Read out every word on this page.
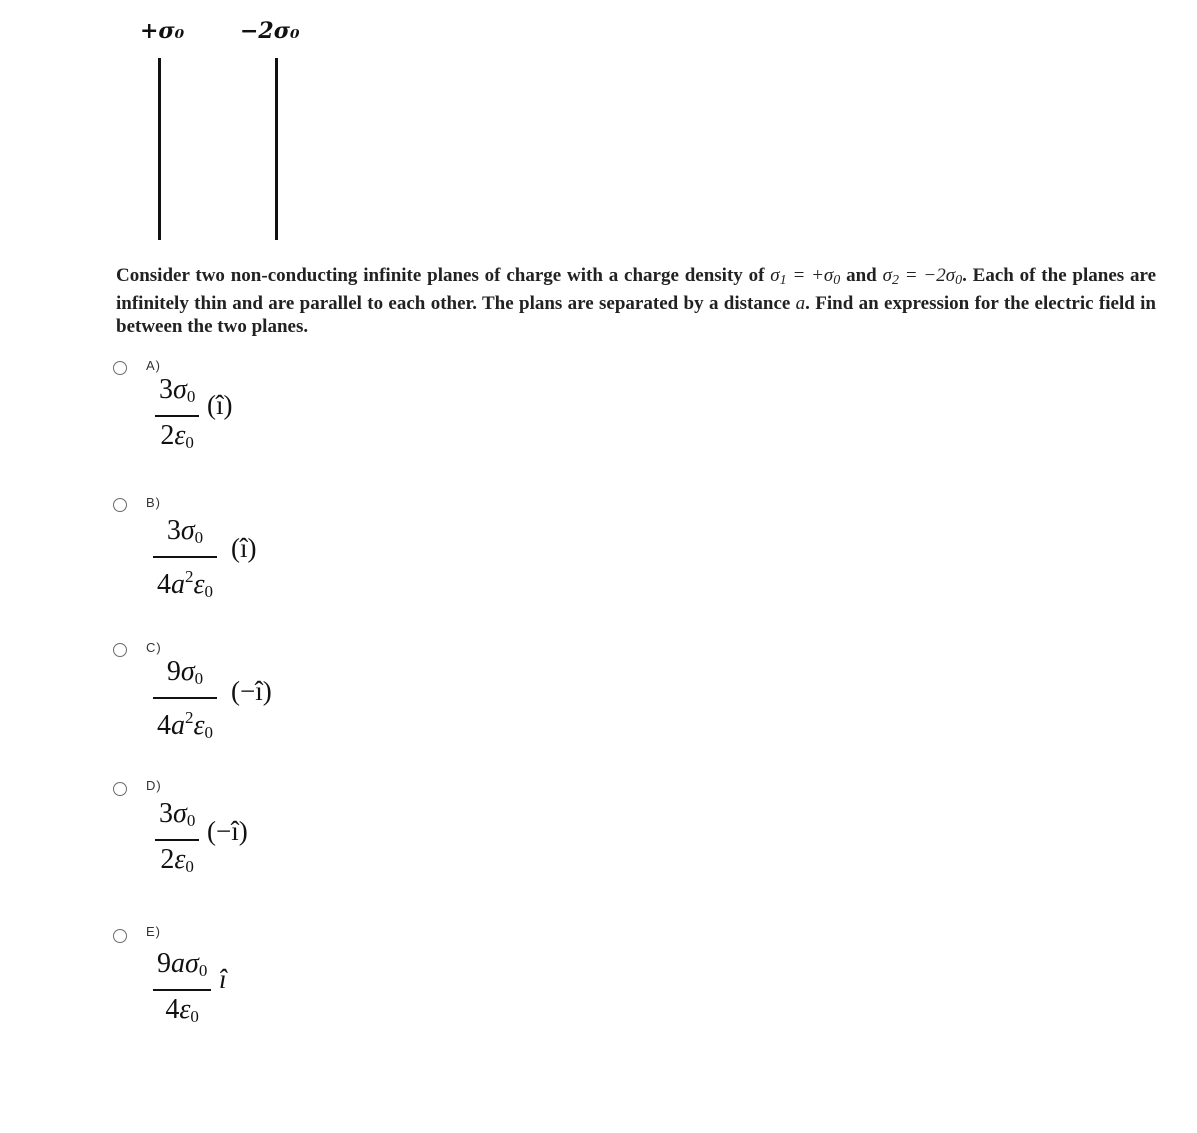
+σ₀	−2σ₀

Consider two non-conducting infinite planes of charge with a charge density of σ1 = +σ0 and σ2 = −2σ0. Each of the planes are infinitely thin and are parallel to each other. The plans are separated by a distance a. Find an expression for the electric field in between the two planes.

A)
$3\sigma_0$
$2\varepsilon_0$
(î)
B)
$3\sigma_0$
$4a^2\varepsilon_0$
(î)
C)
$9\sigma_0$
$4a^2\varepsilon_0$
(−î)
D)
$3\sigma_0$
$2\varepsilon_0$
(−î)
E)
$9a\sigma_0$
$4\varepsilon_0$
î
